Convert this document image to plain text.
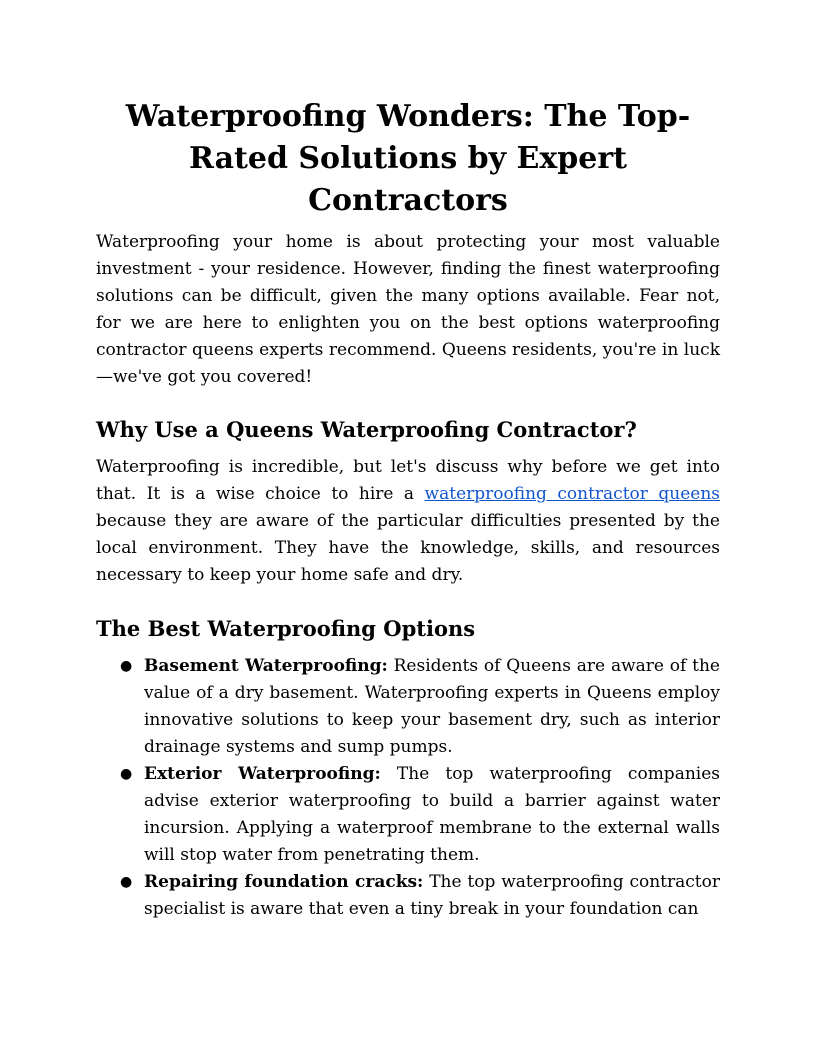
Waterproofing Wonders: The Top-Rated Solutions by Expert Contractors

Waterproofing your home is about protecting your most valuable investment - your residence. However, finding the finest waterproofing solutions can be difficult, given the many options available. Fear not, for we are here to enlighten you on the best options waterproofing contractor queens experts recommend. Queens residents, you're in luck—we've got you covered!

Why Use a Queens Waterproofing Contractor?

Waterproofing is incredible, but let's discuss why before we get into that. It is a wise choice to hire a waterproofing contractor queens because they are aware of the particular difficulties presented by the local environment. They have the knowledge, skills, and resources necessary to keep your home safe and dry.

The Best Waterproofing Options
● Basement Waterproofing: Residents of Queens are aware of the value of a dry basement. Waterproofing experts in Queens employ innovative solutions to keep your basement dry, such as interior drainage systems and sump pumps.
● Exterior Waterproofing: The top waterproofing companies advise exterior waterproofing to build a barrier against water incursion. Applying a waterproof membrane to the external walls will stop water from penetrating them.
● Repairing foundation cracks: The top waterproofing contractor specialist is aware that even a tiny break in your foundation can
